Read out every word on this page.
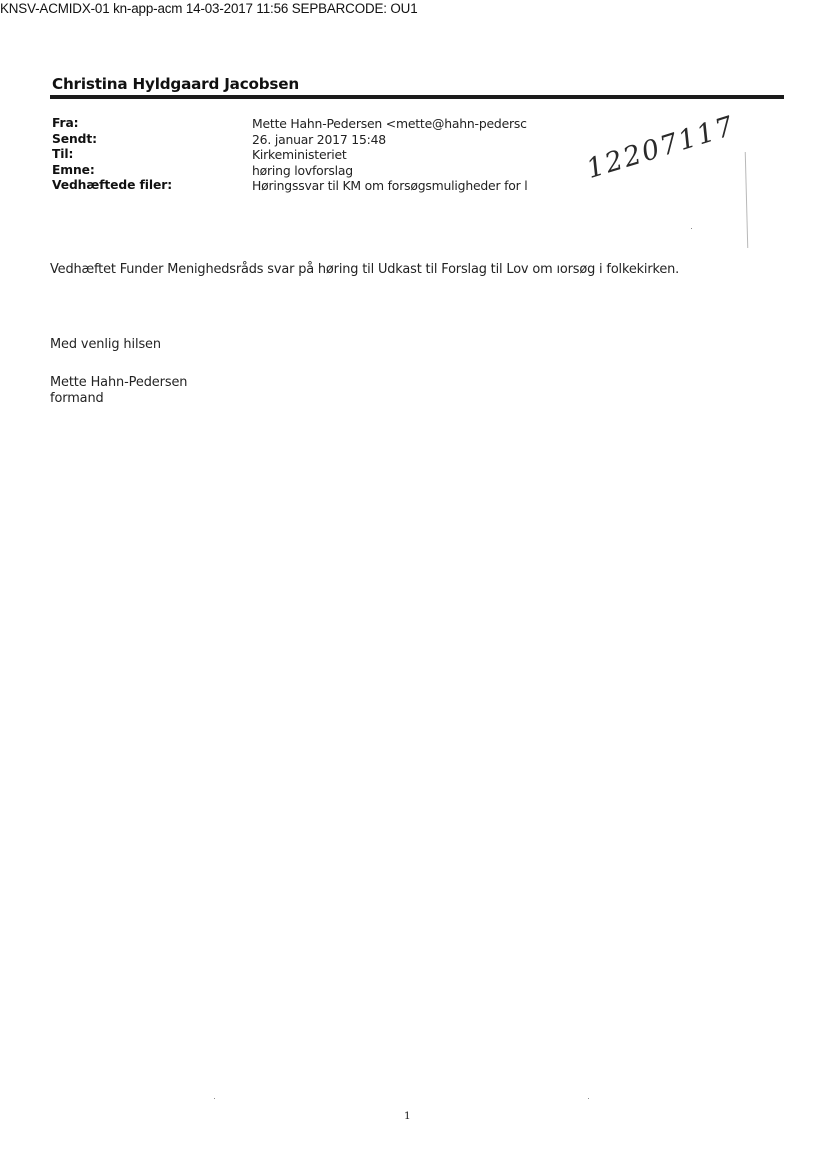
KNSV-ACMIDX-01 kn-app-acm 14-03-2017 11:56 SEPBARCODE: OU1
Christina Hyldgaard Jacobsen
Fra:	Mette Hahn-Pedersen <mette@hahn-pedersc
Sendt:	26. januar 2017 15:48
Til:	Kirkeministeriet
Emne:	høring lovforslag
Vedhæftede filer:	Høringssvar til KM om forsøgsmuligheder for l
12207117
Vedhæftet Funder Menighedsråds svar på høring til Udkast til Forslag til Lov om ıorsøg i folkekirken.
Med venlig hilsen
Mette Hahn-Pedersen
formand
1
